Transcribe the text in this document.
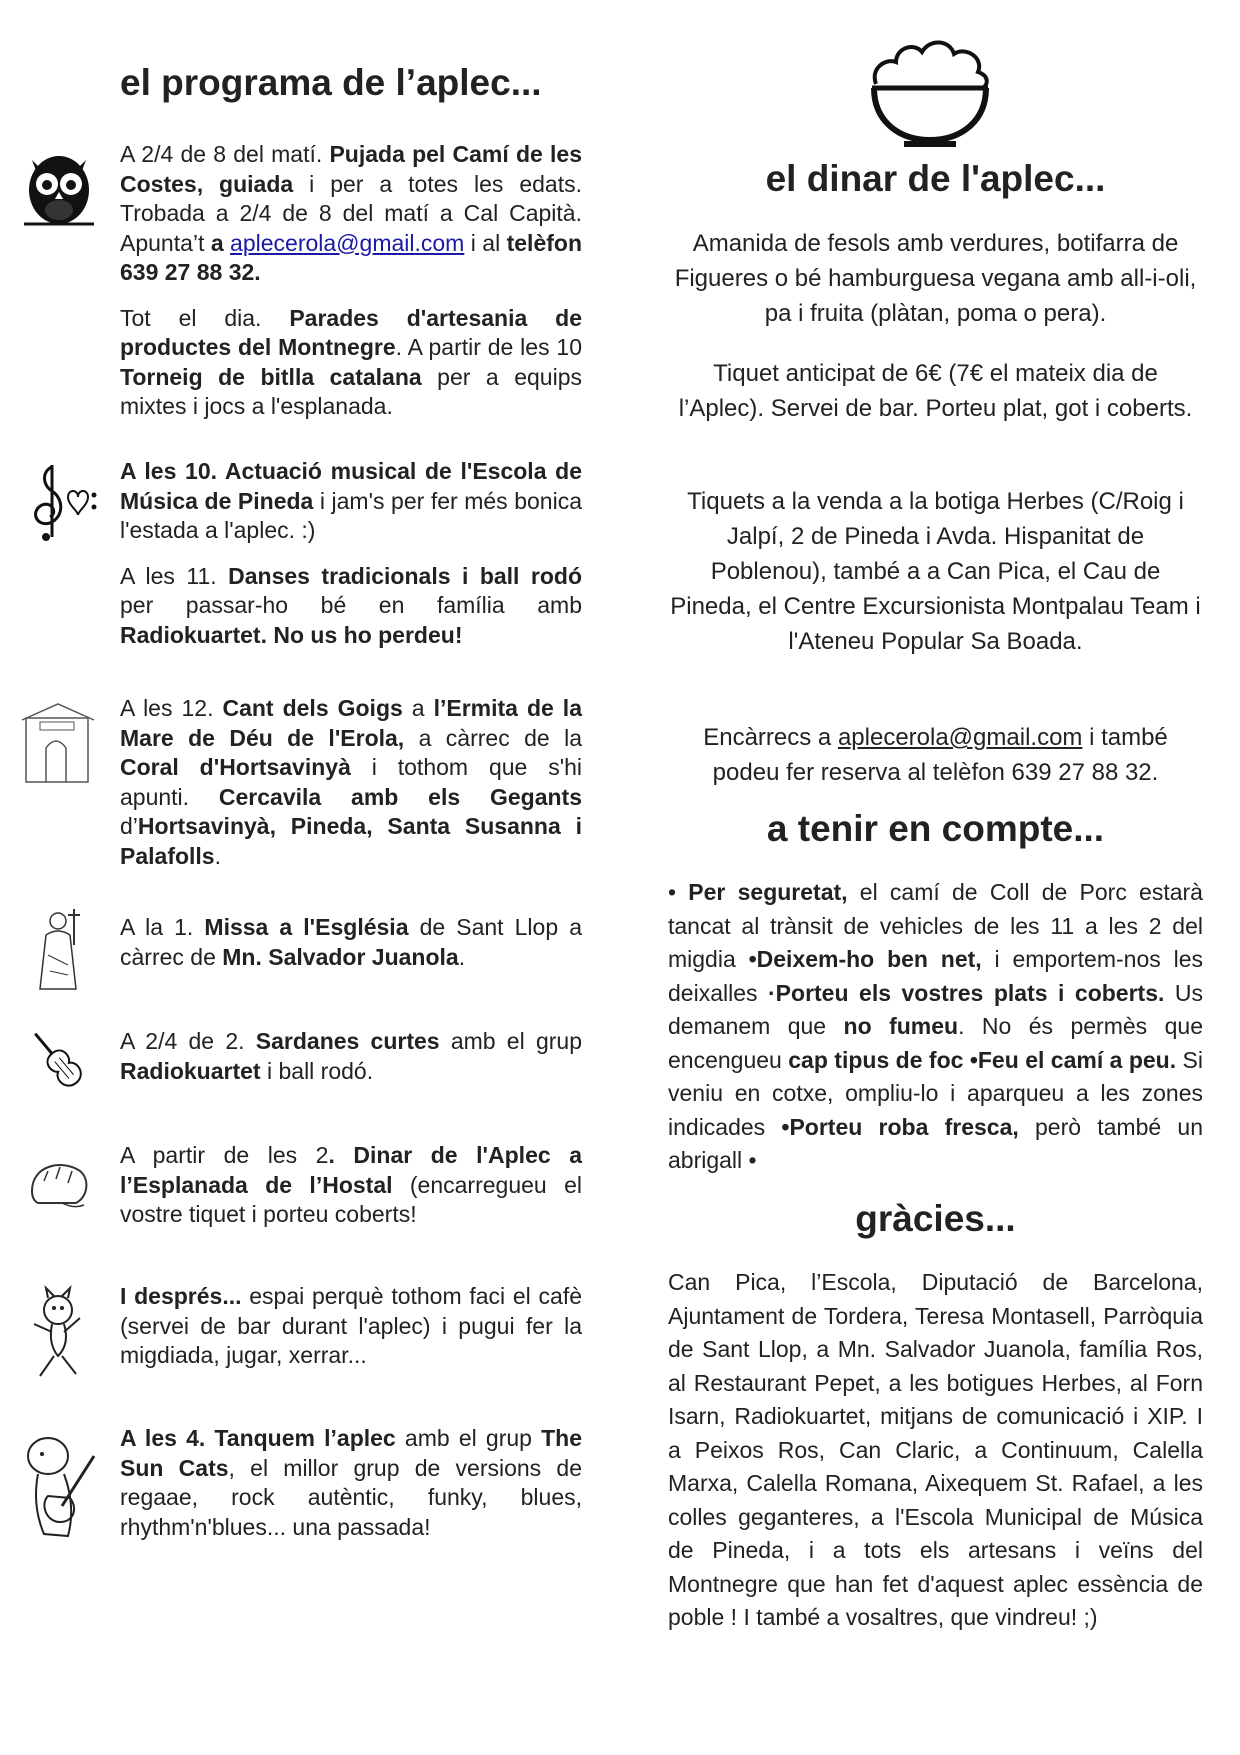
el programa de l’aplec...

A 2/4 de 8 del matí. Pujada pel Camí de les Costes, guiada i per a totes les edats. Trobada a 2/4 de 8 del matí a Cal Capità. Apunta’t a aplecerola@gmail.com i al telèfon 639 27 88 32.

Tot el dia. Parades d'artesania de productes del Montnegre. A partir de les 10 Torneig de bitlla catalana per a equips mixtes i jocs a l'esplanada.

A les 10. Actuació musical de l'Escola de Música de Pineda i jam's per fer més bonica l'estada a l'aplec. :)

A les 11. Danses tradicionals i ball rodó per passar-ho bé en família amb Radiokuartet. No us ho perdeu!

A les 12. Cant dels Goigs a l’Ermita de la Mare de Déu de l'Erola, a càrrec de la Coral d'Hortsavinyà i tothom que s'hi apunti. Cercavila amb els Gegants d’Hortsavinyà, Pineda, Santa Susanna i Palafolls.

A la 1. Missa a l'Església de Sant Llop a càrrec de Mn. Salvador Juanola.

A 2/4 de 2. Sardanes curtes amb el grup Radiokuartet i ball rodó.

A partir de les 2. Dinar de l'Aplec a l’Esplanada de l’Hostal (encarregueu el vostre tiquet i porteu coberts!

I després... espai perquè tothom faci el cafè (servei de bar durant l'aplec) i pugui fer la migdiada, jugar, xerrar...

A les 4. Tanquem l’aplec amb el grup The Sun Cats, el millor grup de versions de regaae, rock autèntic, funky, blues, rhythm'n'blues... una passada!

el dinar de l'aplec...
Amanida de fesols amb verdures, botifarra de Figueres o bé hamburguesa vegana amb all-i-oli, pa i fruita (plàtan, poma o pera).
Tiquet anticipat de 6€ (7€ el mateix dia de l’Aplec). Servei de bar. Porteu plat, got i coberts.
Tiquets a la venda a la botiga Herbes (C/Roig i Jalpí, 2 de Pineda i Avda. Hispanitat de Poblenou), també a a Can Pica, el Cau de Pineda, el Centre Excursionista Montpalau Team i l'Ateneu Popular Sa Boada.
Encàrrecs a aplecerola@gmail.com i també podeu fer reserva al telèfon 639 27 88 32.
a tenir en compte...
• Per seguretat, el camí de Coll de Porc estarà tancat al trànsit de vehicles de les 11 a les 2 del migdia •Deixem-ho ben net, i emportem-nos les deixalles ·Porteu els vostres plats i coberts. Us demanem que no fumeu. No és permès que encengueu cap tipus de foc •Feu el camí a peu. Si veniu en cotxe, ompliu-lo i aparqueu a les zones indicades •Porteu roba fresca, però també un abrigall •
gràcies...
Can Pica, l’Escola, Diputació de Barcelona, Ajuntament de Tordera, Teresa Montasell, Parròquia de Sant Llop, a Mn. Salvador Juanola, família Ros, al Restaurant Pepet, a les botigues Herbes, al Forn Isarn, Radiokuartet, mitjans de comunicació i XIP. I a Peixos Ros, Can Claric, a Continuum, Calella Marxa, Calella Romana, Aixequem St. Rafael, a les colles geganteres, a l'Escola Municipal de Música de Pineda, i a tots els artesans i veïns del Montnegre que han fet d'aquest aplec essència de poble ! I també a vosaltres, que vindreu! ;)
